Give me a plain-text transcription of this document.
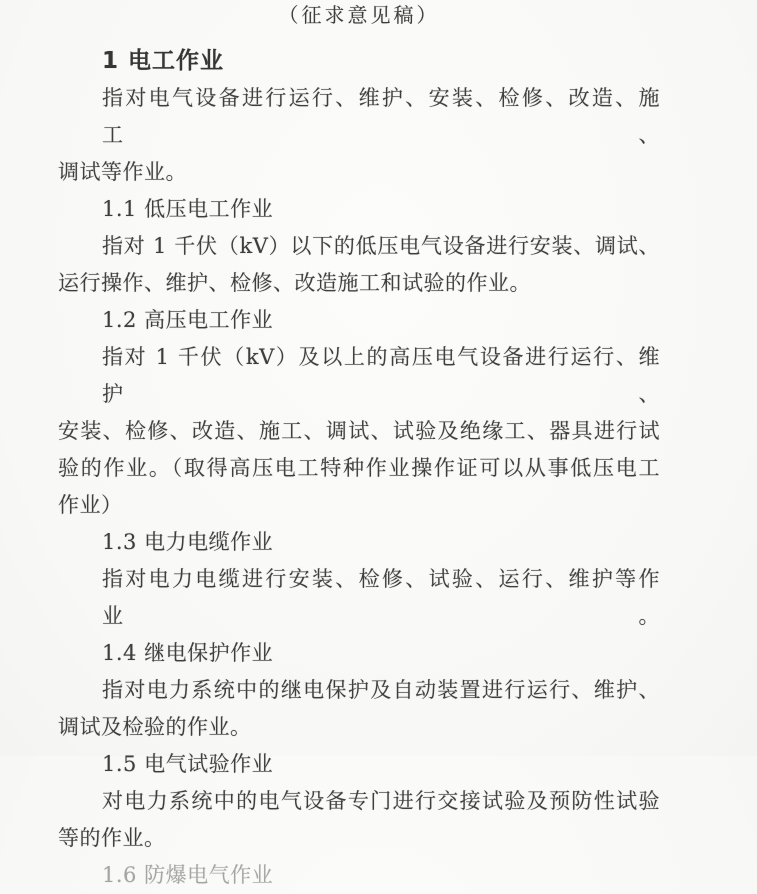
（征求意见稿）
1 电工作业
指对电气设备进行运行、维护、安装、检修、改造、施工、
调试等作业。
1.1 低压电工作业
指对 1 千伏（kV）以下的低压电气设备进行安装、调试、
运行操作、维护、检修、改造施工和试验的作业。
1.2 高压电工作业
指对 1 千伏（kV）及以上的高压电气设备进行运行、维护、
安装、检修、改造、施工、调试、试验及绝缘工、器具进行试
验的作业。（取得高压电工特种作业操作证可以从事低压电工
作业）
1.3 电力电缆作业
指对电力电缆进行安装、检修、试验、运行、维护等作业。
1.4 继电保护作业
指对电力系统中的继电保护及自动装置进行运行、维护、
调试及检验的作业。
1.5 电气试验作业
对电力系统中的电气设备专门进行交接试验及预防性试验
等的作业。
1.6 防爆电气作业
